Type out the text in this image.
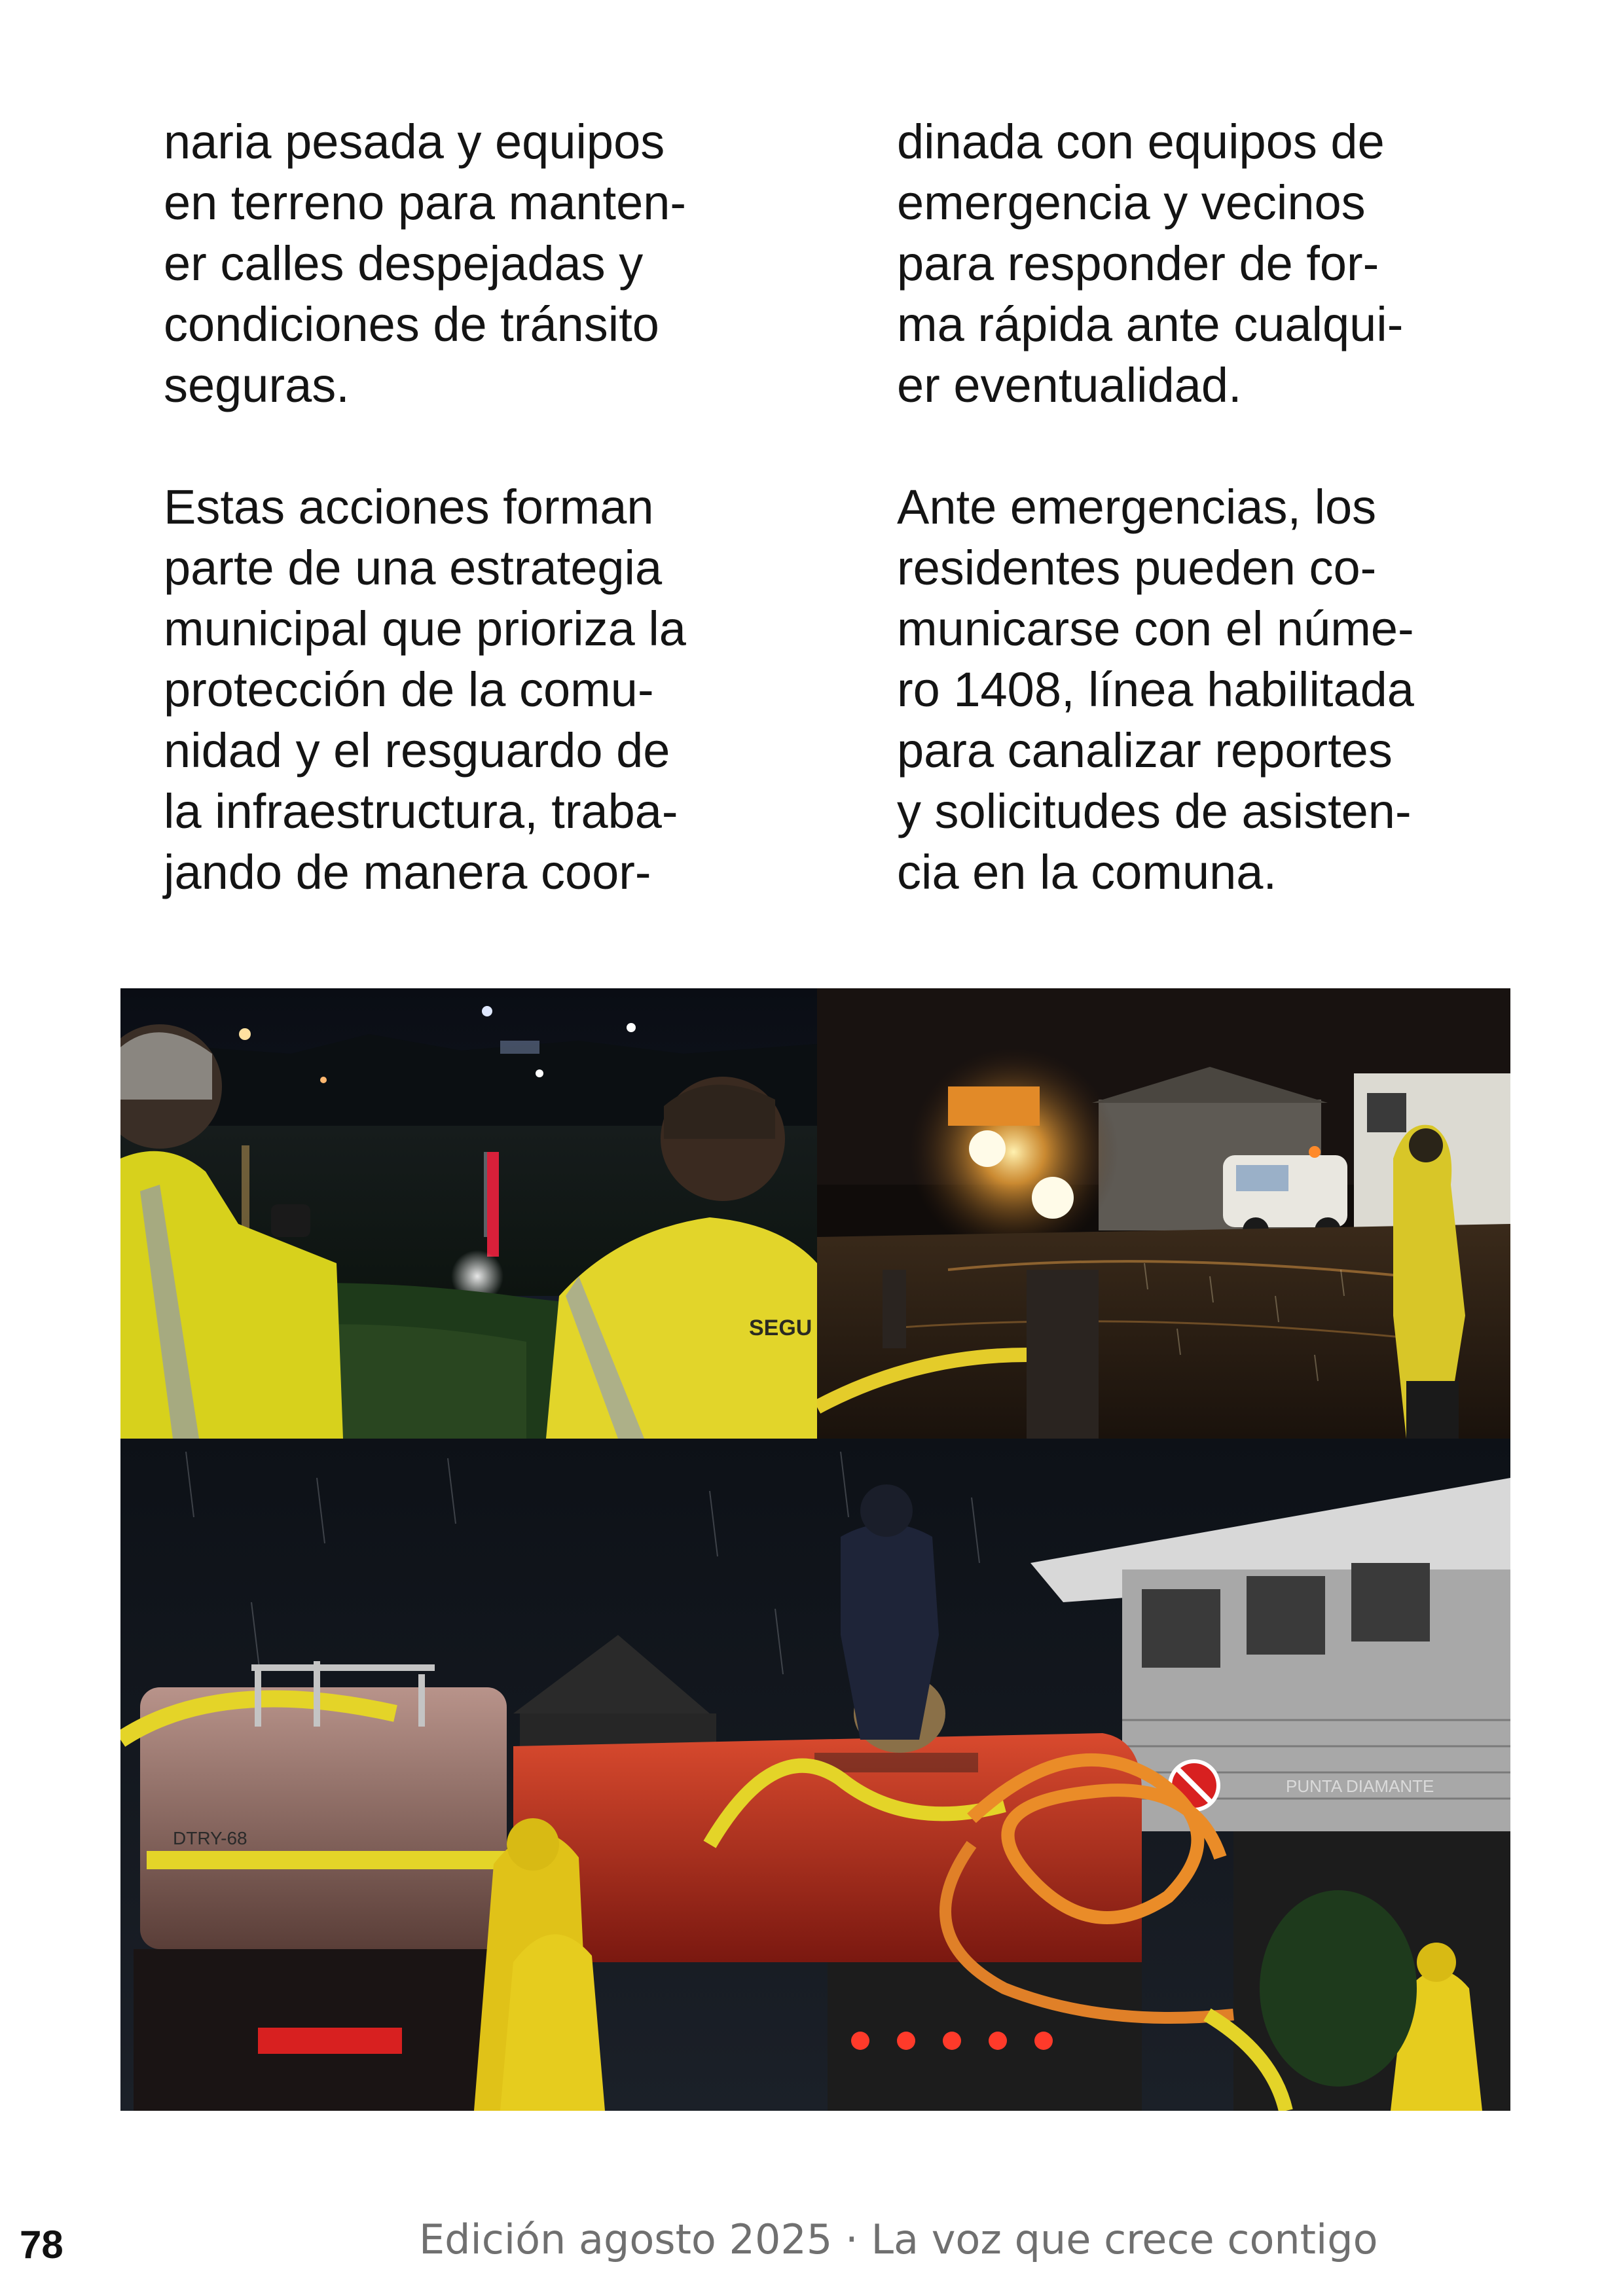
naria pesada y equipos
en terreno para manten-
er calles despejadas y
condiciones de tránsito
seguras.

Estas acciones forman
parte de una estrategia
municipal que prioriza la
protección de la comu-
nidad y el resguardo de
la infraestructura, traba-
jando de manera coor-

dinada con equipos de
emergencia y vecinos
para responder de for-
ma rápida ante cualqui-
er eventualidad.

Ante emergencias, los
residentes pueden co-
municarse con el núme-
ro 1408, línea habilitada
para canalizar reportes
y solicitudes de asisten-
cia en la comuna.

SEGU
PUNTA DIAMANTE
DTRY-68
78	Edición agosto 2025 · La voz que crece contigo
